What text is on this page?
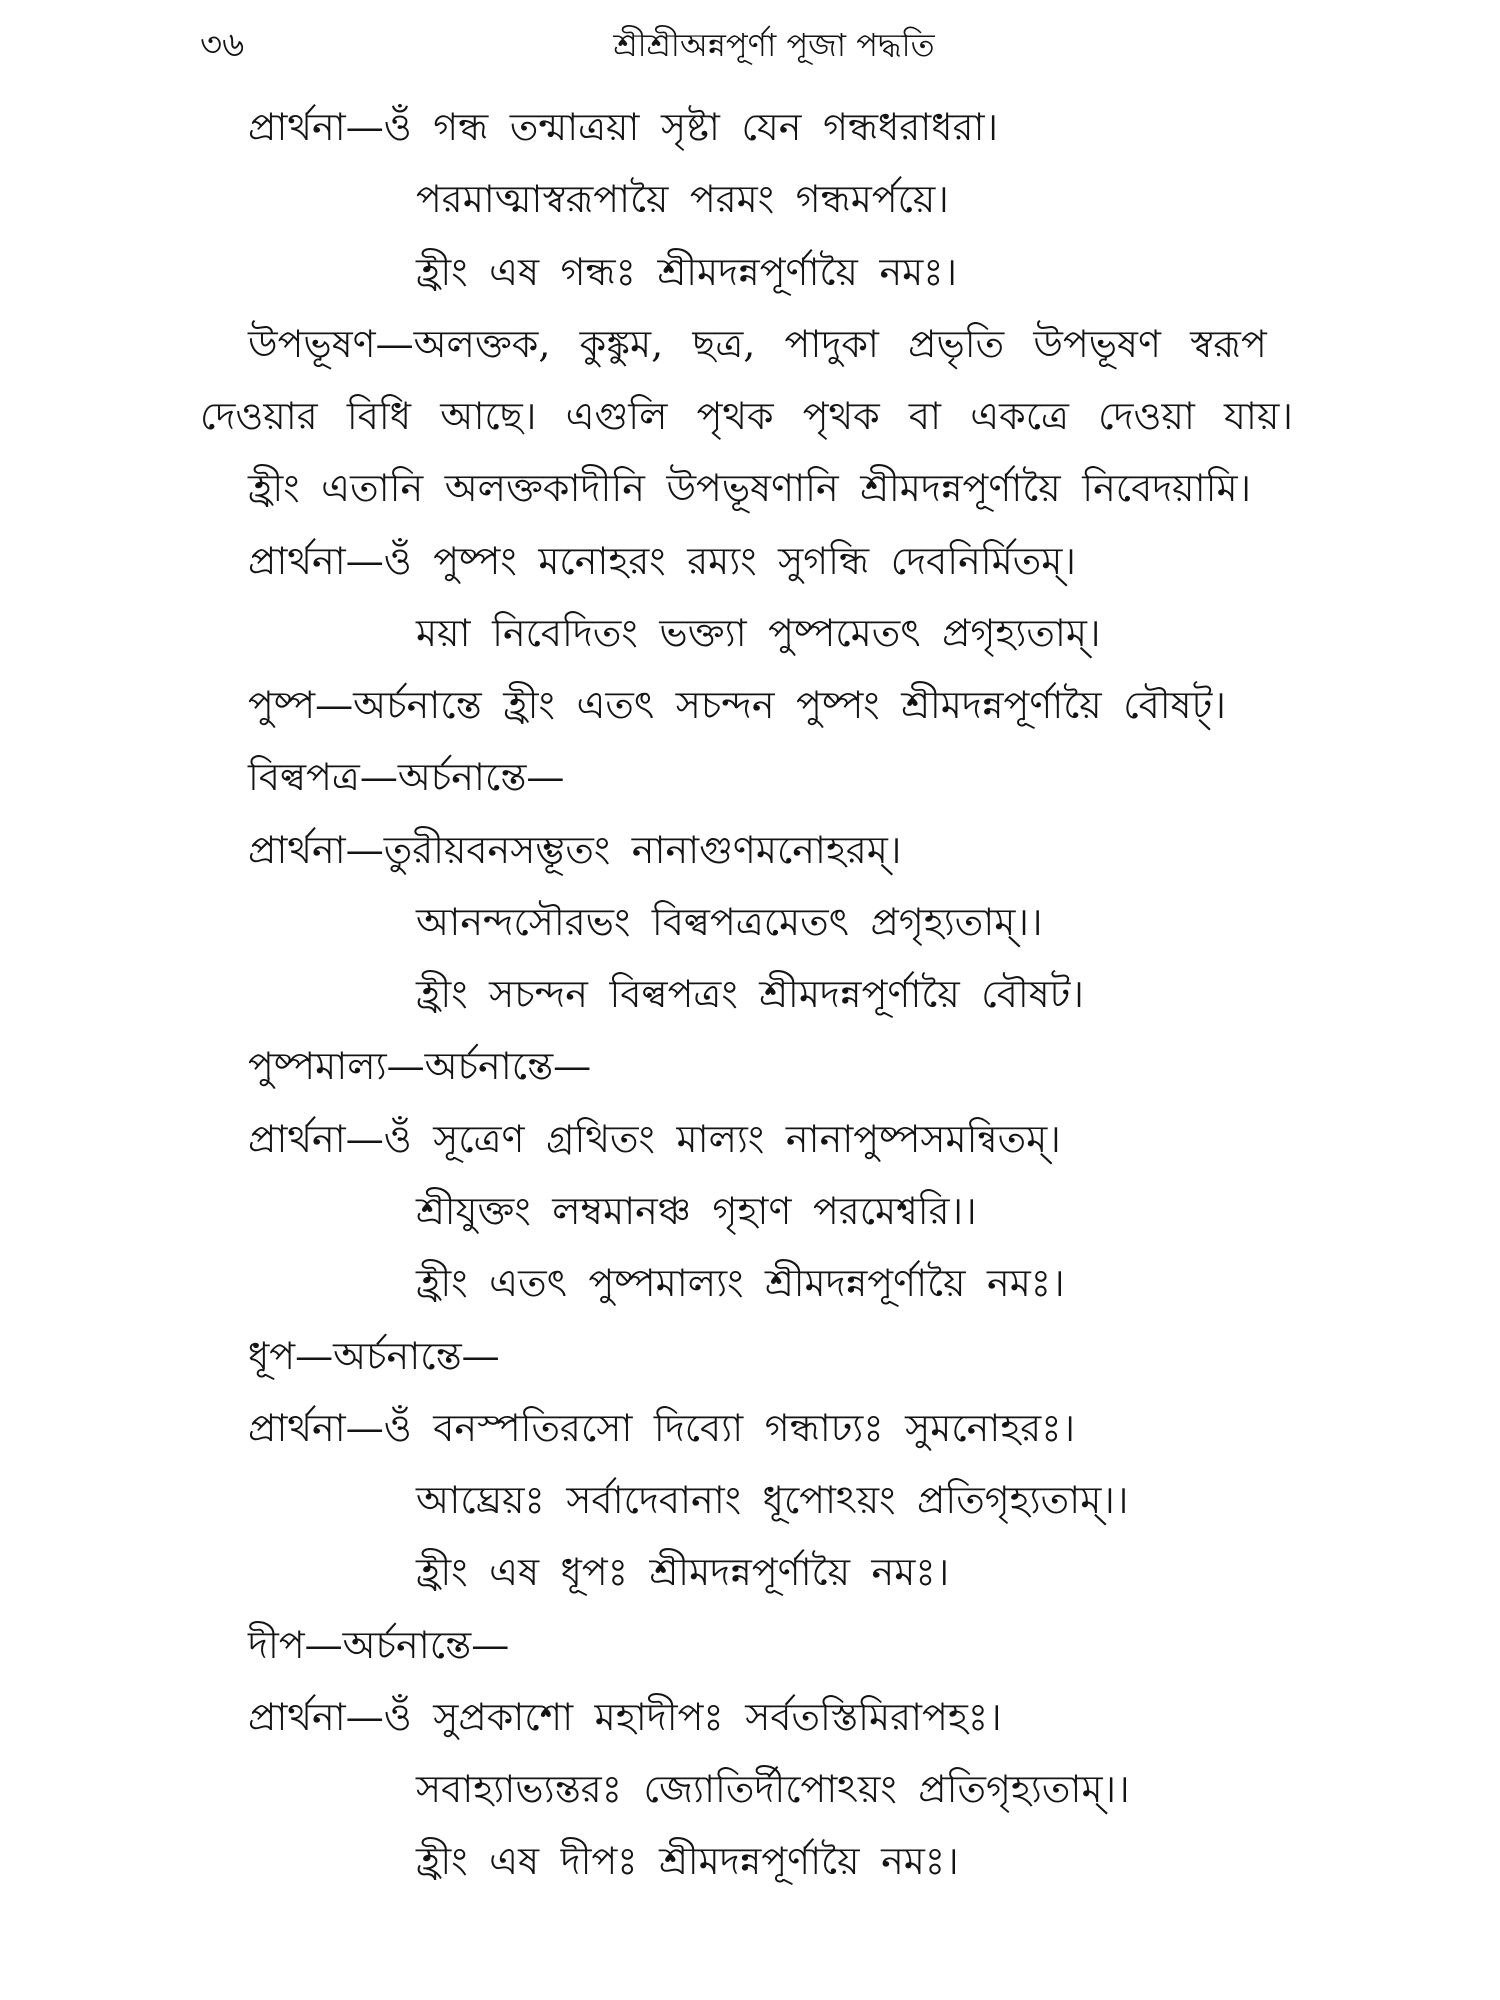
৩৬	শ্রীশ্রীঅন্নপূর্ণা পূজা পদ্ধতি
প্রার্থনা—ওঁ গন্ধ তন্মাত্রয়া সৃষ্টা যেন গন্ধধরাধরা।
পরমাত্মাস্বরূপায়ৈ পরমং গন্ধমর্পয়ে।
হ্রীং এষ গন্ধঃ শ্রীমদন্নপূর্ণায়ৈ নমঃ।
উপভূষণ—অলক্তক, কুঙ্কুম, ছত্র, পাদুকা প্রভৃতি উপভূষণ স্বরূপ
দেওয়ার বিধি আছে। এগুলি পৃথক পৃথক বা একত্রে দেওয়া যায়।
হ্রীং এতানি অলক্তকাদীনি উপভূষণানি শ্রীমদন্নপূর্ণায়ৈ নিবেদয়ামি।
প্রার্থনা—ওঁ পুষ্পং মনোহরং রম্যং সুগন্ধি দেবনির্মিতম্।
ময়া নিবেদিতং ভক্ত্যা পুষ্পমেতৎ প্রগৃহ্যতাম্।
পুষ্প—অর্চনান্তে হ্রীং এতৎ সচন্দন পুষ্পং শ্রীমদন্নপূর্ণায়ৈ বৌষট্।
বিল্বপত্র—অর্চনান্তে—
প্রার্থনা—তুরীয়বনসম্ভূতং নানাগুণমনোহরম্।
আনন্দসৌরভং বিল্বপত্রমেতৎ প্রগৃহ্যতাম্।।
হ্রীং সচন্দন বিল্বপত্রং শ্রীমদন্নপূর্ণায়ৈ বৌষট।
পুষ্পমাল্য—অর্চনান্তে—
প্রার্থনা—ওঁ সূত্রেণ গ্রথিতং মাল্যং নানাপুষ্পসমন্বিতম্।
শ্রীযুক্তং লম্বমানঞ্চ গৃহাণ পরমেশ্বরি।।
হ্রীং এতৎ পুষ্পমাল্যং শ্রীমদন্নপূর্ণায়ৈ নমঃ।
ধূপ—অর্চনান্তে—
প্রার্থনা—ওঁ বনস্পতিরসো দিব্যো গন্ধাঢ্যঃ সুমনোহরঃ।
আঘ্রেয়ঃ সর্বাদেবানাং ধূপোঽয়ং প্রতিগৃহ্যতাম্।।
হ্রীং এষ ধূপঃ শ্রীমদন্নপূর্ণায়ৈ নমঃ।
দীপ—অর্চনান্তে—
প্রার্থনা—ওঁ সুপ্রকাশো মহাদীপঃ সর্বতস্তিমিরাপহঃ।
সবাহ্যাভ্যন্তরঃ জ্যোতির্দীপোঽয়ং প্রতিগৃহ্যতাম্।।
হ্রীং এষ দীপঃ শ্রীমদন্নপূর্ণায়ৈ নমঃ।
